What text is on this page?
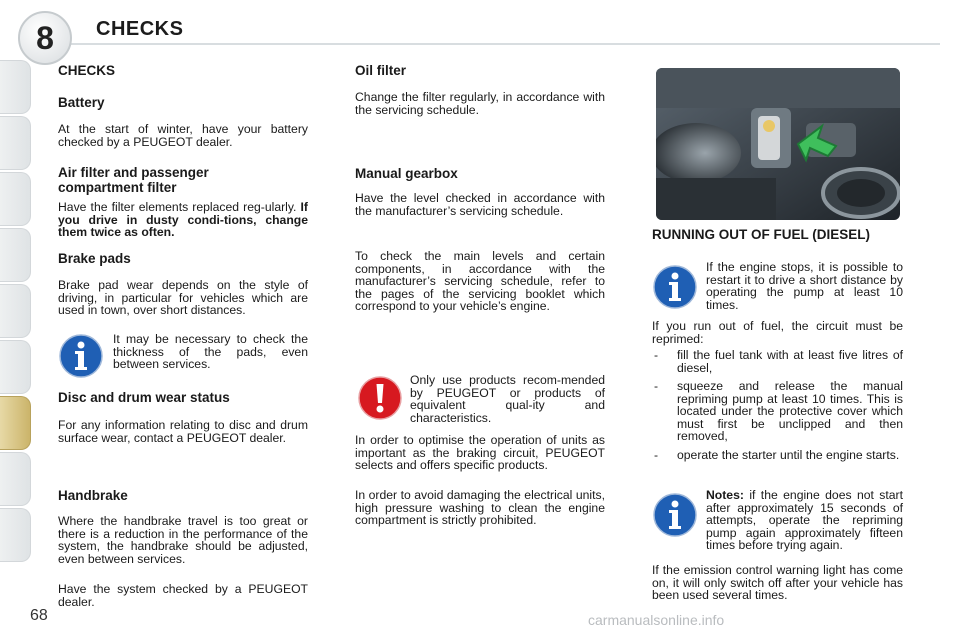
8	CHECKS
CHECKS
Battery

At the start of winter, have your battery checked by a PEUGEOT dealer.

Air filter and passenger compartment filter

Have the filter elements replaced reg-ularly. If you drive in dusty condi-tions, change them twice as often.

Brake pads

Brake pad wear depends on the style of driving, in particular for vehicles which are used in town, over short distances.

It may be necessary to check the thickness of the pads, even between services.

Disc and drum wear status

For any information relating to disc and drum surface wear, contact a PEUGEOT dealer.

Handbrake

Where the handbrake travel is too great or there is a reduction in the performance of the system, the handbrake should be adjusted, even between services.

Have the system checked by a PEUGEOT dealer.

Oil filter

Change the filter regularly, in accordance with the servicing schedule.

Manual gearbox

Have the level checked in accordance with the manufacturer’s servicing schedule.

To check the main levels and certain components, in accordance with the manufacturer’s servicing schedule, refer to the pages of the servicing booklet which correspond to your vehicle’s engine.

Only use products recom-mended by PEUGEOT or products of equivalent qual-ity and characteristics.

In order to optimise the operation of units as important as the braking circuit, PEUGEOT selects and offers specific products.

In order to avoid damaging the electrical units, high pressure washing to clean the engine compartment is strictly prohibited.

RUNNING OUT OF FUEL (DIESEL)

If the engine stops, it is possible to restart it to drive a short distance by operating the pump at least 10 times.

If you run out of fuel, the circuit must be reprimed:

- fill the fuel tank with at least five litres of diesel,
- squeeze and release the manual repriming pump at least 10 times. This is located under the protective cover which must first be unclipped and then removed,
- operate the starter until the engine starts.

Notes: if the engine does not start after approximately 15 seconds of attempts, operate the repriming pump again approximately fifteen times before trying again.

If the emission control warning light has come on, it will only switch off after your vehicle has been used several times.

68	carmanualsonline.info
